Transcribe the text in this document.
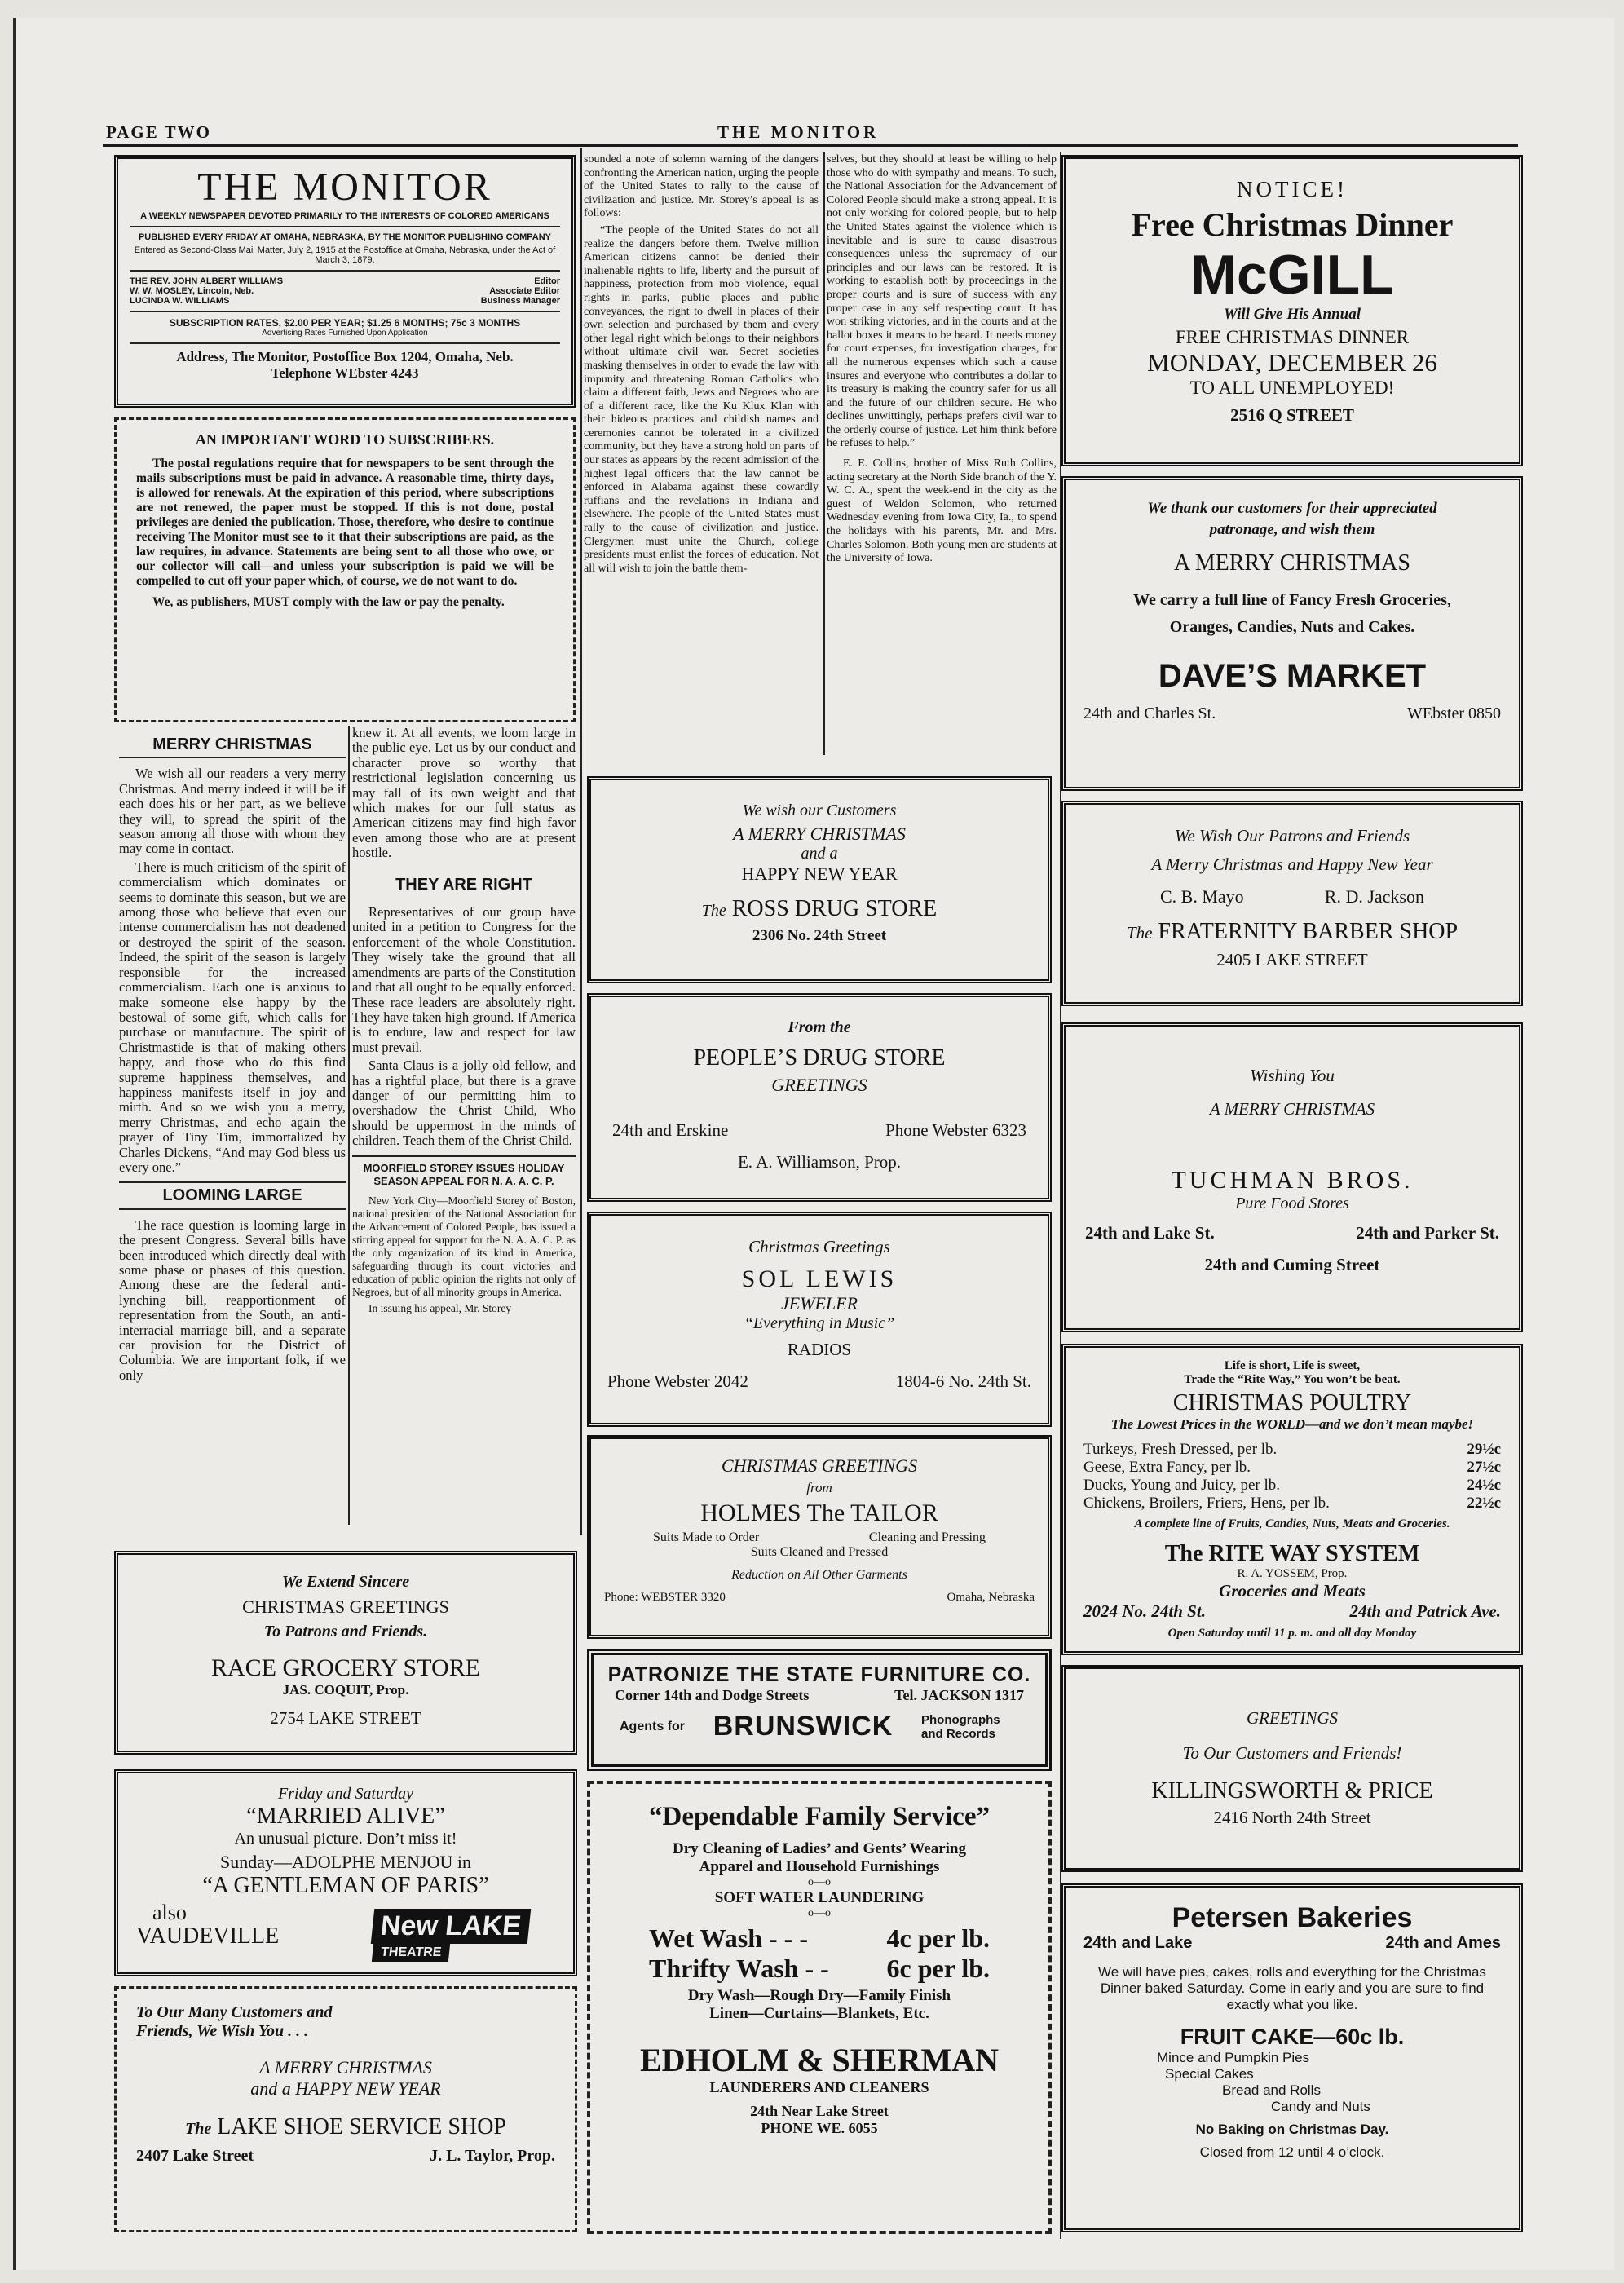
PAGE TWO	THE MONITOR
THE MONITOR
A WEEKLY NEWSPAPER DEVOTED PRIMARILY TO THE INTERESTS OF COLORED AMERICANS
PUBLISHED EVERY FRIDAY AT OMAHA, NEBRASKA, BY THE MONITOR PUBLISHING COMPANY
Entered as Second-Class Mail Matter, July 2, 1915 at the Postoffice at Omaha, Nebraska, under the Act of March 3, 1879.
THE REV. JOHN ALBERT WILLIAMS	Editor
W. W. MOSLEY, Lincoln, Neb.	Associate Editor
LUCINDA W. WILLIAMS	Business Manager
SUBSCRIPTION RATES, $2.00 PER YEAR; $1.25 6 MONTHS; 75c 3 MONTHS
Advertising Rates Furnished Upon Application
Address, The Monitor, Postoffice Box 1204, Omaha, Neb.
Telephone WEbster 4243
AN IMPORTANT WORD TO SUBSCRIBERS.
The postal regulations require that for newspapers to be sent through the mails subscriptions must be paid in advance. A reasonable time, thirty days, is allowed for renewals. At the expiration of this period, where subscriptions are not renewed, the paper must be stopped. If this is not done, postal privileges are denied the publication. Those, therefore, who desire to continue receiving The Monitor must see to it that their subscriptions are paid, as the law requires, in advance. Statements are being sent to all those who owe, or our collector will call—and unless your subscription is paid we will be compelled to cut off your paper which, of course, we do not want to do.
We, as publishers, MUST comply with the law or pay the penalty.
MERRY CHRISTMAS

We wish all our readers a very merry Christmas. And merry indeed it will be if each does his or her part, as we believe they will, to spread the spirit of the season among all those with whom they may come in contact.

There is much criticism of the spirit of commercialism which dominates or seems to dominate this season, but we are among those who believe that even our intense commercialism has not deadened or destroyed the spirit of the season. Indeed, the spirit of the season is largely responsible for the increased commercialism. Each one is anxious to make someone else happy by the bestowal of some gift, which calls for purchase or manufacture. The spirit of Christmastide is that of making others happy, and those who do this find supreme happiness themselves, and happiness manifests itself in joy and mirth. And so we wish you a merry, merry Christmas, and echo again the prayer of Tiny Tim, immortalized by Charles Dickens, “And may God bless us every one.”

LOOMING LARGE

The race question is looming large in the present Congress. Several bills have been introduced which directly deal with some phase or phases of this question. Among these are the federal anti-lynching bill, reapportionment of representation from the South, an anti-interracial marriage bill, and a separate car provision for the District of Columbia. We are important folk, if we only

knew it. At all events, we loom large in the public eye. Let us by our conduct and character prove so worthy that restrictional legislation concerning us may fall of its own weight and that which makes for our full status as American citizens may find high favor even among those who are at present hostile.

THEY ARE RIGHT

Representatives of our group have united in a petition to Congress for the enforcement of the whole Constitution. They wisely take the ground that all amendments are parts of the Constitution and that all ought to be equally enforced. These race leaders are absolutely right. They have taken high ground. If America is to endure, law and respect for law must prevail.

Santa Claus is a jolly old fellow, and has a rightful place, but there is a grave danger of our permitting him to overshadow the Christ Child, Who should be uppermost in the minds of children. Teach them of the Christ Child.

MOORFIELD STOREY ISSUES HOLIDAY SEASON APPEAL FOR N. A. A. C. P.

New York City—Moorfield Storey of Boston, national president of the National Association for the Advancement of Colored People, has issued a stirring appeal for support for the N. A. A. C. P. as the only organization of its kind in America, safeguarding through its court victories and education of public opinion the rights not only of Negroes, but of all minority groups in America.

In issuing his appeal, Mr. Storey

sounded a note of solemn warning of the dangers confronting the American nation, urging the people of the United States to rally to the cause of civilization and justice. Mr. Storey’s appeal is as follows:

“The people of the United States do not all realize the dangers before them. Twelve million American citizens cannot be denied their inalienable rights to life, liberty and the pursuit of happiness, protection from mob violence, equal rights in parks, public places and public conveyances, the right to dwell in places of their own selection and purchased by them and every other legal right which belongs to their neighbors without ultimate civil war. Secret societies masking themselves in order to evade the law with impunity and threatening Roman Catholics who claim a different faith, Jews and Negroes who are of a different race, like the Ku Klux Klan with their hideous practices and childish names and ceremonies cannot be tolerated in a civilized community, but they have a strong hold on parts of our states as appears by the recent admission of the highest legal officers that the law cannot be enforced in Alabama against these cowardly ruffians and the revelations in Indiana and elsewhere. The people of the United States must rally to the cause of civilization and justice. Clergymen must unite the Church, college presidents must enlist the forces of education. Not all will wish to join the battle them-

selves, but they should at least be willing to help those who do with sympathy and means. To such, the National Association for the Advancement of Colored People should make a strong appeal. It is not only working for colored people, but to help the United States against the violence which is inevitable and is sure to cause disastrous consequences unless the supremacy of our principles and our laws can be restored. It is working to establish both by proceedings in the proper courts and is sure of success with any proper case in any self respecting court. It has won striking victories, and in the courts and at the ballot boxes it means to be heard. It needs money for court expenses, for investigation charges, for all the numerous expenses which such a cause insures and everyone who contributes a dollar to its treasury is making the country safer for us all and the future of our children secure. He who declines unwittingly, perhaps prefers civil war to the orderly course of justice. Let him think before he refuses to help.”

E. E. Collins, brother of Miss Ruth Collins, acting secretary at the North Side branch of the Y. W. C. A., spent the week-end in the city as the guest of Weldon Solomon, who returned Wednesday evening from Iowa City, Ia., to spend the holidays with his parents, Mr. and Mrs. Charles Solomon. Both young men are students at the University of Iowa.

We Extend Sincere
CHRISTMAS GREETINGS
To Patrons and Friends.
RACE GROCERY STORE
JAS. COQUIT, Prop.
2754 LAKE STREET
Friday and Saturday
“MARRIED ALIVE”
An unusual picture. Don’t miss it!
Sunday—ADOLPHE MENJOU in
“A GENTLEMAN OF PARIS”
also
VAUDEVILLE	New LAKE THEATRE
To Our Many Customers and
Friends, We Wish You . . .
A MERRY CHRISTMAS
and a HAPPY NEW YEAR
The LAKE SHOE SERVICE SHOP
2407 Lake Street	J. L. Taylor, Prop.
We wish our Customers
A MERRY CHRISTMAS
and a
HAPPY NEW YEAR
The ROSS DRUG STORE
2306 No. 24th Street
From the
PEOPLE’S DRUG STORE
GREETINGS
24th and Erskine	Phone Webster 6323
E. A. Williamson, Prop.
Christmas Greetings
SOL LEWIS
JEWELER
“Everything in Music”
RADIOS
Phone Webster 2042	1804-6 No. 24th St.
CHRISTMAS GREETINGS
from
HOLMES The TAILOR
Suits Made to Order	Cleaning and Pressing
Suits Cleaned and Pressed
Reduction on All Other Garments
Phone: WEBSTER 3320	Omaha, Nebraska
PATRONIZE THE STATE FURNITURE CO.
Corner 14th and Dodge Streets	Tel. JACKSON 1317
Agents for BRUNSWICK Phonographs and Records
“Dependable Family Service”
Dry Cleaning of Ladies’ and Gents’ Wearing
Apparel and Household Furnishings
o—o
SOFT WATER LAUNDERING
o—o
Wet Wash - - -	4c per lb.
Thrifty Wash - - 6c per lb.
Dry Wash—Rough Dry—Family Finish
Linen—Curtains—Blankets, Etc.
EDHOLM & SHERMAN
LAUNDERERS AND CLEANERS
24th Near Lake Street
PHONE WE. 6055
NOTICE!
Free Christmas Dinner
McGILL
Will Give His Annual
FREE CHRISTMAS DINNER
MONDAY, DECEMBER 26
TO ALL UNEMPLOYED!
2516 Q STREET
We thank our customers for their appreciated
patronage, and wish them
A MERRY CHRISTMAS
We carry a full line of Fancy Fresh Groceries,
Oranges, Candies, Nuts and Cakes.
DAVE’S MARKET
24th and Charles St.	WEbster 0850
We Wish Our Patrons and Friends
A Merry Christmas and Happy New Year
C. B. Mayo	R. D. Jackson
The FRATERNITY BARBER SHOP
2405 LAKE STREET
Wishing You
A MERRY CHRISTMAS
TUCHMAN BROS.
Pure Food Stores
24th and Lake St.	24th and Parker St.
24th and Cuming Street
Life is short, Life is sweet,
Trade the “Rite Way,” You won’t be beat.
CHRISTMAS POULTRY
The Lowest Prices in the WORLD—and we don’t mean maybe!
Turkeys, Fresh Dressed, per lb.	29½c
Geese, Extra Fancy, per lb.	27½c
Ducks, Young and Juicy, per lb.	24½c
Chickens, Broilers, Friers, Hens, per lb.	22½c
A complete line of Fruits, Candies, Nuts, Meats and Groceries.
The RITE WAY SYSTEM
R. A. YOSSEM, Prop.
Groceries and Meats
2024 No. 24th St.	24th and Patrick Ave.
Open Saturday until 11 p. m. and all day Monday
GREETINGS
To Our Customers and Friends!
KILLINGSWORTH & PRICE
2416 North 24th Street
Petersen Bakeries
24th and Lake	24th and Ames
We will have pies, cakes, rolls and everything for the Christmas Dinner baked Saturday. Come in early and you are sure to find exactly what you like.
FRUIT CAKE—60c lb.
Mince and Pumpkin Pies
Special Cakes
Bread and Rolls
Candy and Nuts
No Baking on Christmas Day.
Closed from 12 until 4 o’clock.
